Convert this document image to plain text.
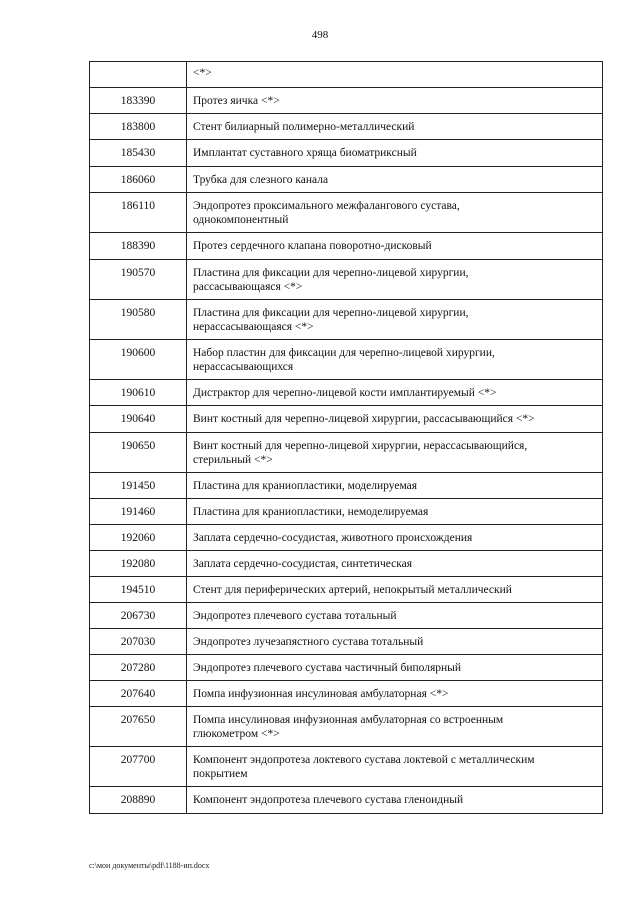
498

	<*>

183390	Протез яичка <*>

183800	Стент билиарный полимерно-металлический

185430	Имплантат суставного хряща биоматриксный

186060	Трубка для слезного канала

186110	Эндопротез проксимального межфалангового сустава,
однокомпонентный

188390	Протез сердечного клапана поворотно-дисковый

190570	Пластина для фиксации для черепно-лицевой хирургии,
рассасывающаяся <*>

190580	Пластина для фиксации для черепно-лицевой хирургии,
нерассасывающаяся <*>

190600	Набор пластин для фиксации для черепно-лицевой хирургии,
нерассасывающихся

190610	Дистрактор для черепно-лицевой кости имплантируемый <*>

190640	Винт костный для черепно-лицевой хирургии, рассасывающийся <*>

190650	Винт костный для черепно-лицевой хирургии, нерассасывающийся,
стерильный <*>

191450	Пластина для краниопластики, моделируемая

191460	Пластина для краниопластики, немоделируемая

192060	Заплата сердечно-сосудистая, животного происхождения

192080	Заплата сердечно-сосудистая, синтетическая

194510	Стент для периферических артерий, непокрытый металлический

206730	Эндопротез плечевого сустава тотальный

207030	Эндопротез лучезапястного сустава тотальный

207280	Эндопротез плечевого сустава частичный биполярный

207640	Помпа инфузионная инсулиновая амбулаторная <*>

207650	Помпа инсулиновая инфузионная амбулаторная со встроенным
глюкометром <*>

207700	Компонент эндопротеза локтевого сустава локтевой с металлическим
покрытием

208890	Компонент эндопротеза плечевого сустава гленоидный
c:\мои документы\pdf\1188-ип.docx
